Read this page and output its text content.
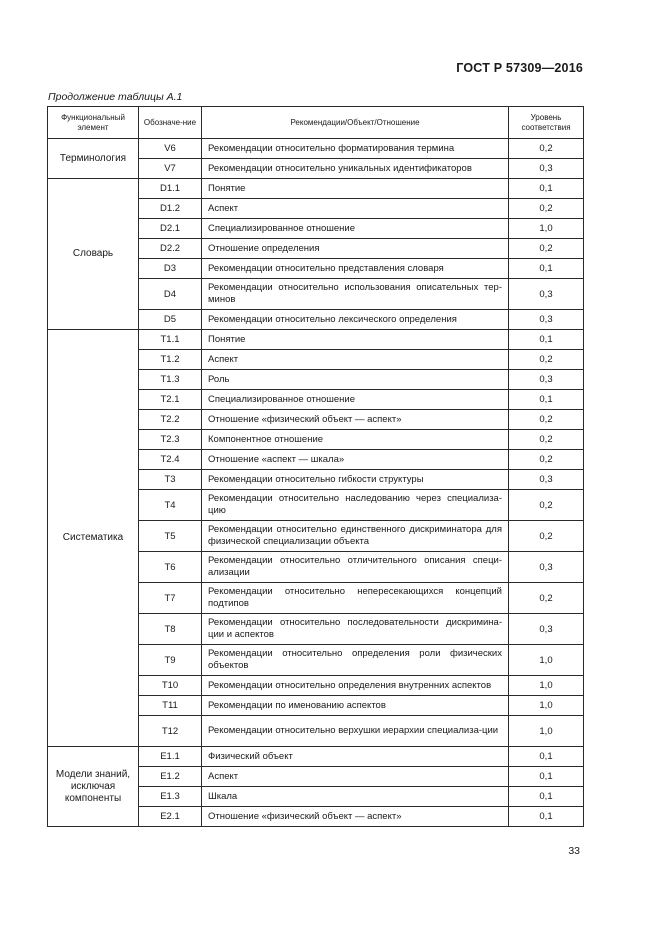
ГОСТ Р 57309—2016
Продолжение таблицы А.1
Функциональный элемент	Обозначе-ние	Рекомендации/Объект/Отношение	Уровень соответствия
Терминология	V6	Рекомендации относительно форматирования термина	0,2
	V7	Рекомендации относительно уникальных идентификаторов	0,3
Словарь	D1.1	Понятие	0,1
	D1.2	Аспект	0,2
	D2.1	Специализированное отношение	1,0
	D2.2	Отношение определения	0,2
	D3	Рекомендации относительно представления словаря	0,1
	D4	Рекомендации относительно использования описательных тер-минов	0,3
	D5	Рекомендации относительно лексического определения	0,3
Систематика	T1.1	Понятие	0,1
	T1.2	Аспект	0,2
	T1.3	Роль	0,3
	T2.1	Специализированное отношение	0,1
	T2.2	Отношение «физический объект — аспект»	0,2
	T2.3	Компонентное отношение	0,2
	T2.4	Отношение «аспект — шкала»	0,2
	T3	Рекомендации относительно гибкости структуры	0,3
	T4	Рекомендации относительно наследованию через специализа-цию	0,2
	T5	Рекомендации относительно единственного дискриминатора для физической специализации объекта	0,2
	T6	Рекомендации относительно отличительного описания специ-ализации	0,3
	T7	Рекомендации относительно непересекающихся концепций подтипов	0,2
	T8	Рекомендации относительно последовательности дискримина-ции и аспектов	0,3
	T9	Рекомендации относительно определения роли физических объектов	1,0
	T10	Рекомендации относительно определения внутренних аспектов	1,0
	T11	Рекомендации по именованию аспектов	1,0
	T12	Рекомендации относительно верхушки иерархии специализа-ции	1,0
Модели знаний, исключая компоненты	E1.1	Физический объект	0,1
	E1.2	Аспект	0,1
	E1.3	Шкала	0,1
	E2.1	Отношение «физический объект — аспект»	0,1
33
